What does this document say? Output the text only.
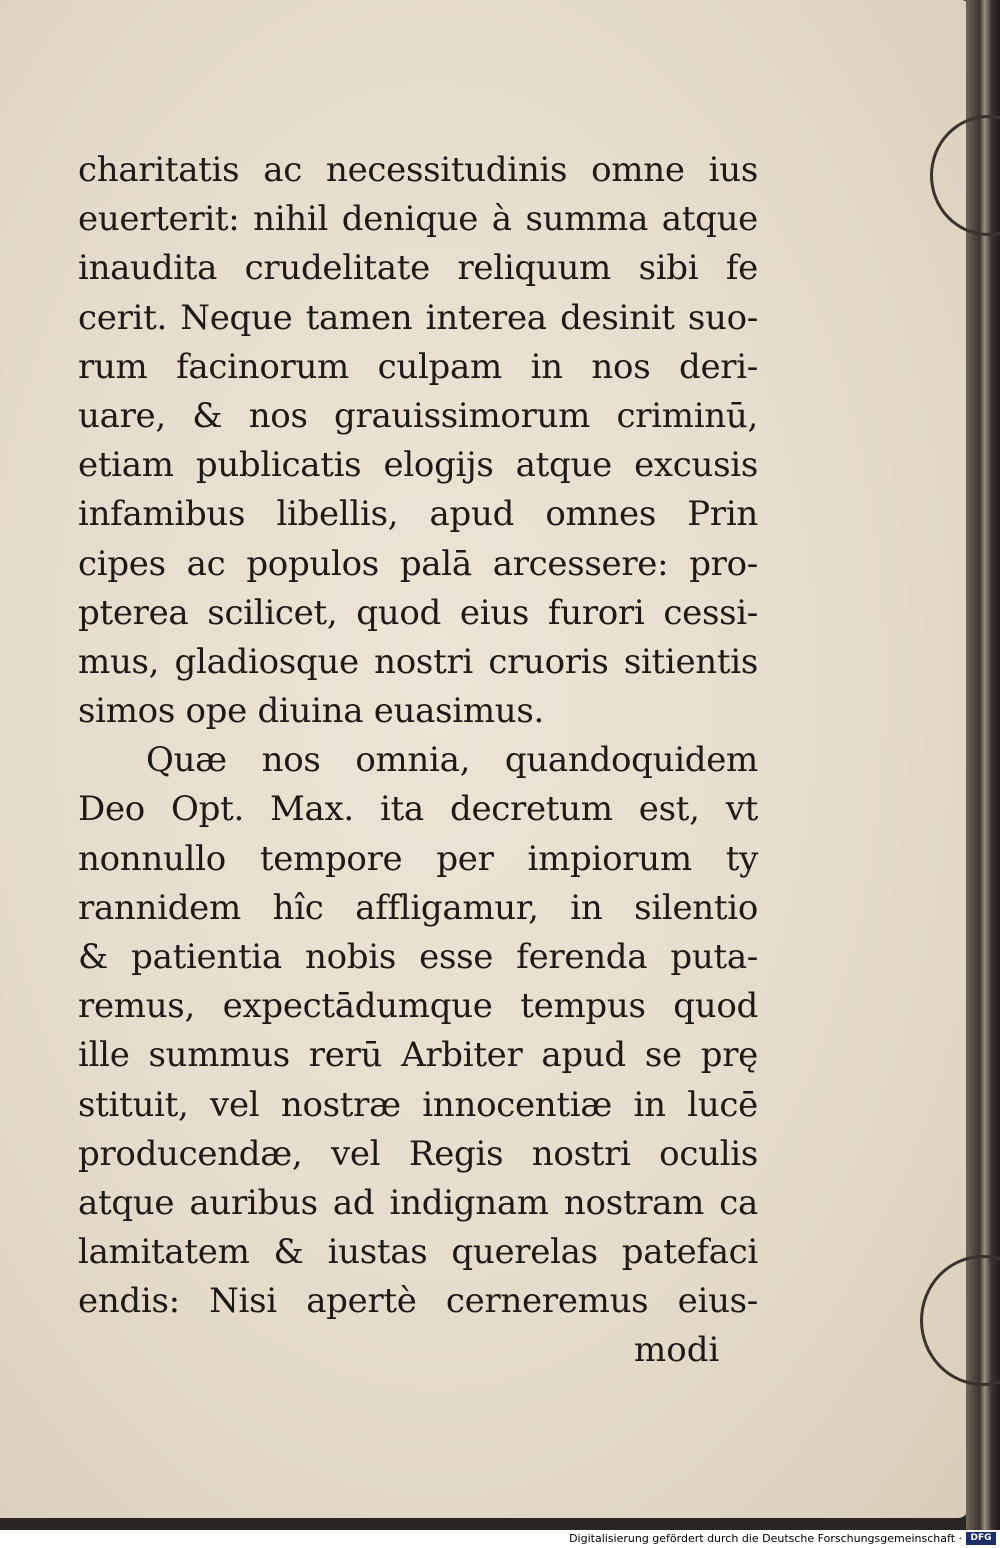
charitatis ac necessitudinis omne ius
euerterit: nihil denique à summa atque
inaudita crudelitate reliquum sibi fe
cerit. Neque tamen interea desinit suo-
rum facinorum culpam in nos deri-
uare, & nos grauissimorum criminū,
etiam publicatis elogijs atque excusis
infamibus libellis, apud omnes Prin
cipes ac populos palā arcessere: pro-
pterea scilicet, quod eius furori cessi-
mus, gladiosque nostri cruoris sitientis
simos ope diuina euasimus.
Quæ nos omnia, quandoquidem
Deo Opt. Max. ita decretum est, vt
nonnullo tempore per impiorum ty
rannidem hîc affligamur, in silentio
& patientia nobis esse ferenda puta-
remus, expectādumque tempus quod
ille summus rerū Arbiter apud se prę
stituit, vel nostræ innocentiæ in lucē
producendæ, vel Regis nostri oculis
atque auribus ad indignam nostram ca
lamitatem & iustas querelas patefaci
endis: Nisi apertè cerneremus eius-
modi
Digitalisierung gefördert durch die Deutsche Forschungsgemeinschaft · DFG
